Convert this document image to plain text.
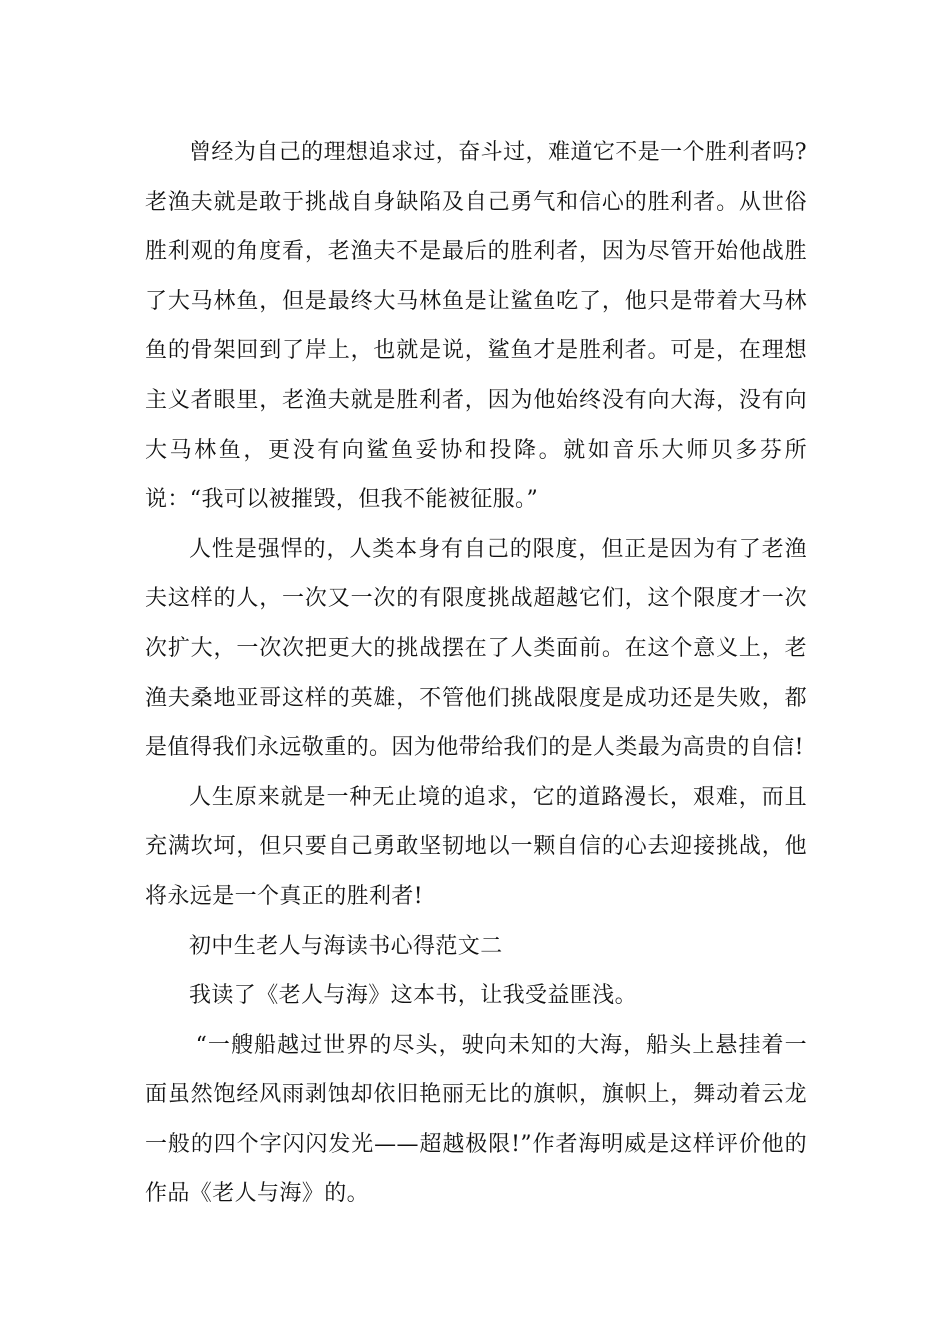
曾经为自己的理想追求过，奋斗过，难道它不是一个胜利者吗?老渔夫就是敢于挑战自身缺陷及自己勇气和信心的胜利者。从世俗胜利观的角度看，老渔夫不是最后的胜利者，因为尽管开始他战胜了大马林鱼，但是最终大马林鱼是让鲨鱼吃了，他只是带着大马林鱼的骨架回到了岸上，也就是说，鲨鱼才是胜利者。可是，在理想主义者眼里，老渔夫就是胜利者，因为他始终没有向大海，没有向大马林鱼，更没有向鲨鱼妥协和投降。就如音乐大师贝多芬所说：“我可以被摧毁，但我不能被征服。”

人性是强悍的，人类本身有自己的限度，但正是因为有了老渔夫这样的人，一次又一次的有限度挑战超越它们，这个限度才一次次扩大，一次次把更大的挑战摆在了人类面前。在这个意义上，老渔夫桑地亚哥这样的英雄，不管他们挑战限度是成功还是失败，都是值得我们永远敬重的。因为他带给我们的是人类最为高贵的自信!

人生原来就是一种无止境的追求，它的道路漫长，艰难，而且充满坎坷，但只要自己勇敢坚韧地以一颗自信的心去迎接挑战，他将永远是一个真正的胜利者!

初中生老人与海读书心得范文二

我读了《老人与海》这本书，让我受益匪浅。

“一艘船越过世界的尽头，驶向未知的大海，船头上悬挂着一面虽然饱经风雨剥蚀却依旧艳丽无比的旗帜，旗帜上，舞动着云龙一般的四个字闪闪发光——超越极限!”作者海明威是这样评价他的作品《老人与海》的。
